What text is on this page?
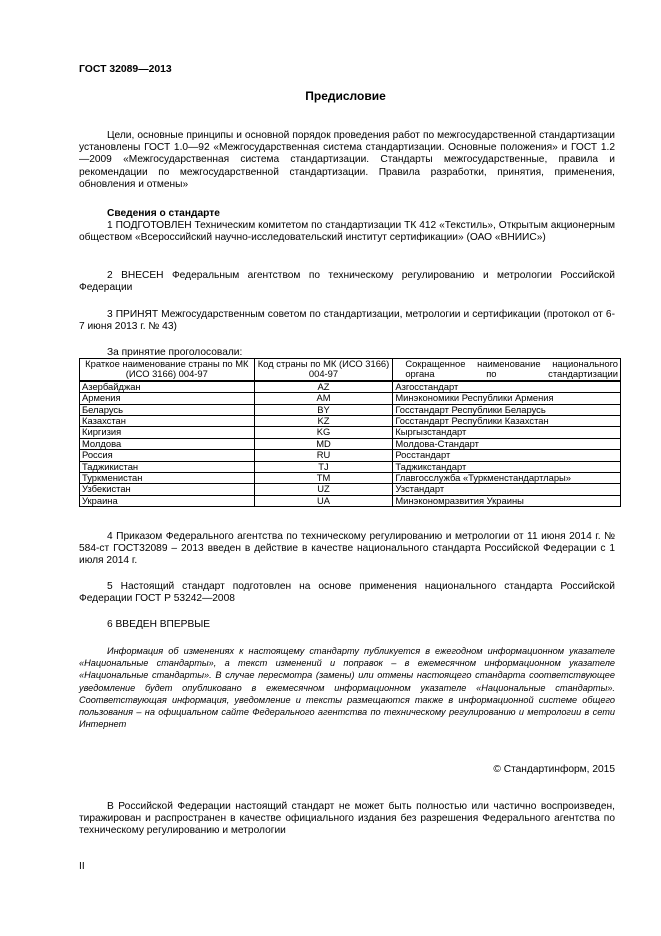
ГОСТ 32089—2013
Предисловие

Цели, основные принципы и основной порядок проведения работ по межгосударственной стандартизации установлены ГОСТ 1.0—92 «Межгосударственная система стандартизации. Основные положения» и ГОСТ 1.2—2009 «Межгосударственная система стандартизации. Стандарты межгосударственные, правила и рекомендации по межгосударственной стандартизации. Правила разработки, принятия, применения, обновления и отмены»

Сведения о стандарте

1 ПОДГОТОВЛЕН Техническим комитетом по стандартизации ТК 412 «Текстиль», Открытым акционерным обществом «Всероссийский научно-исследовательский институт сертификации» (ОАО «ВНИИС»)

2 ВНЕСЕН Федеральным агентством по техническому регулированию и метрологии Российской Федерации

3 ПРИНЯТ Межгосударственным советом по стандартизации, метрологии и сертификации (протокол от 6-7 июня 2013 г. № 43)

За принятие проголосовали:
Краткое наименование страны по МК (ИСО 3166) 004-97	Код страны по МК (ИСО 3166) 004-97	Сокращенное наименование национального органа по стандартизации

Азербайджан	AZ	Азгосстандарт
Армения	AM	Минэкономики Республики Армения
Беларусь	BY	Госстандарт Республики Беларусь
Казахстан	KZ	Госстандарт Республики Казахстан
Киргизия	KG	Кыргызстандарт
Молдова	MD	Молдова-Стандарт
Россия	RU	Росстандарт
Таджикистан	TJ	Таджикстандарт
Туркменистан	TM	Главгосслужба «Туркменстандартлары»
Узбекистан	UZ	Узстандарт
Украина	UA	Минэкономразвития Украины

4 Приказом Федерального агентства по техническому регулированию и метрологии от 11 июня 2014 г. № 584-ст ГОСТ32089 – 2013 введен в действие в качестве национального стандарта Российской Федерации с 1 июля 2014 г.

5 Настоящий стандарт подготовлен на основе применения национального стандарта Российской Федерации ГОСТ Р 53242—2008

6 ВВЕДЕН ВПЕРВЫЕ

Информация об изменениях к настоящему стандарту публикуется в ежегодном информационном указателе «Национальные стандарты», а текст изменений и поправок – в ежемесячном информационном указателе «Национальные стандарты». В случае пересмотра (замены) или отмены настоящего стандарта соответствующее уведомление будет опубликовано в ежемесячном информационном указателе «Национальные стандарты». Соответствующая информация, уведомление и тексты размещаются также в информационной системе общего пользования – на официальном сайте Федерального агентства по техническому регулированию и метрологии в сети Интернет

© Стандартинформ, 2015

В Российской Федерации настоящий стандарт не может быть полностью или частично воспроизведен, тиражирован и распространен в качестве официального издания без разрешения Федерального агентства по техническому регулированию и метрологии

II
